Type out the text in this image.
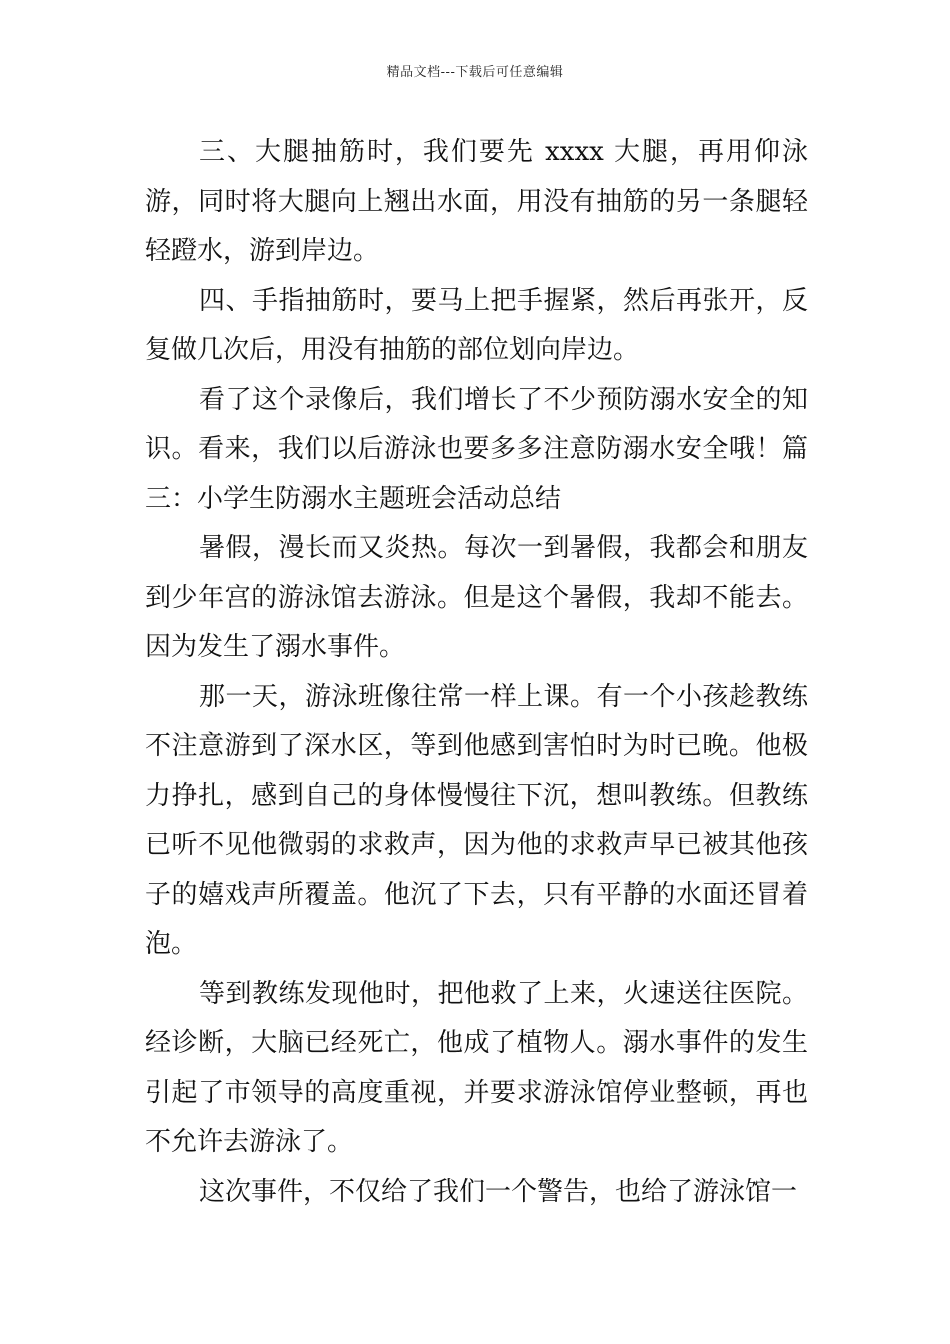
精品文档---下载后可任意编辑

三、大腿抽筋时，我们要先 xxxx 大腿，再用仰泳游，同时将大腿向上翘出水面，用没有抽筋的另一条腿轻轻蹬水，游到岸边。

四、手指抽筋时，要马上把手握紧，然后再张开，反复做几次后，用没有抽筋的部位划向岸边。

看了这个录像后，我们增长了不少预防溺水安全的知识。看来，我们以后游泳也要多多注意防溺水安全哦！篇三：小学生防溺水主题班会活动总结

暑假，漫长而又炎热。每次一到暑假，我都会和朋友到少年宫的游泳馆去游泳。但是这个暑假，我却不能去。因为发生了溺水事件。

那一天，游泳班像往常一样上课。有一个小孩趁教练不注意游到了深水区，等到他感到害怕时为时已晚。他极力挣扎，感到自己的身体慢慢往下沉，想叫教练。但教练已听不见他微弱的求救声，因为他的求救声早已被其他孩子的嬉戏声所覆盖。他沉了下去，只有平静的水面还冒着泡。

等到教练发现他时，把他救了上来，火速送往医院。经诊断，大脑已经死亡，他成了植物人。溺水事件的发生引起了市领导的高度重视，并要求游泳馆停业整顿，再也不允许去游泳了。

这次事件，不仅给了我们一个警告，也给了游泳馆一
